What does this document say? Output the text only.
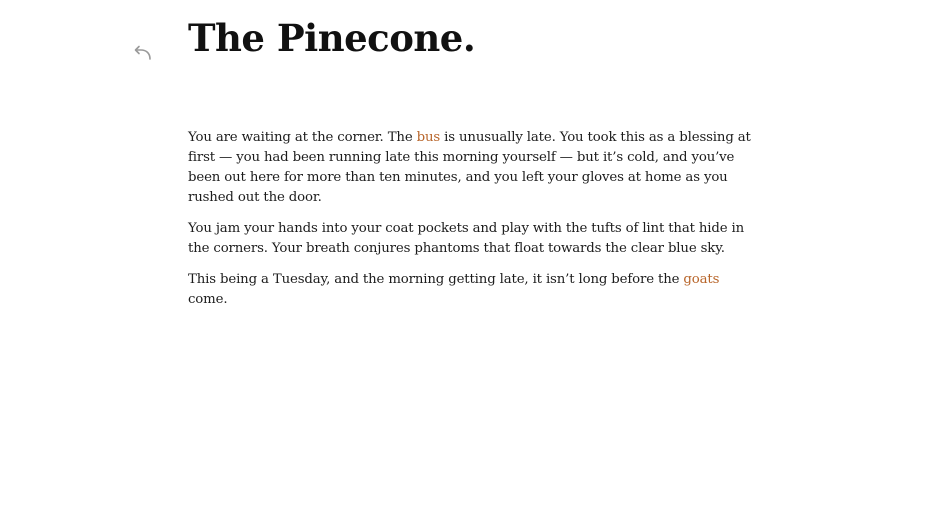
The Pinecone.

You are waiting at the corner. The bus is unusually late. You took this as a blessing at first — you had been running late this morning yourself — but it’s cold, and you’ve been out here for more than ten minutes, and you left your gloves at home as you rushed out the door.

You jam your hands into your coat pockets and play with the tufts of lint that hide in the corners. Your breath conjures phantoms that float towards the clear blue sky.

This being a Tuesday, and the morning getting late, it isn’t long before the goats come.
